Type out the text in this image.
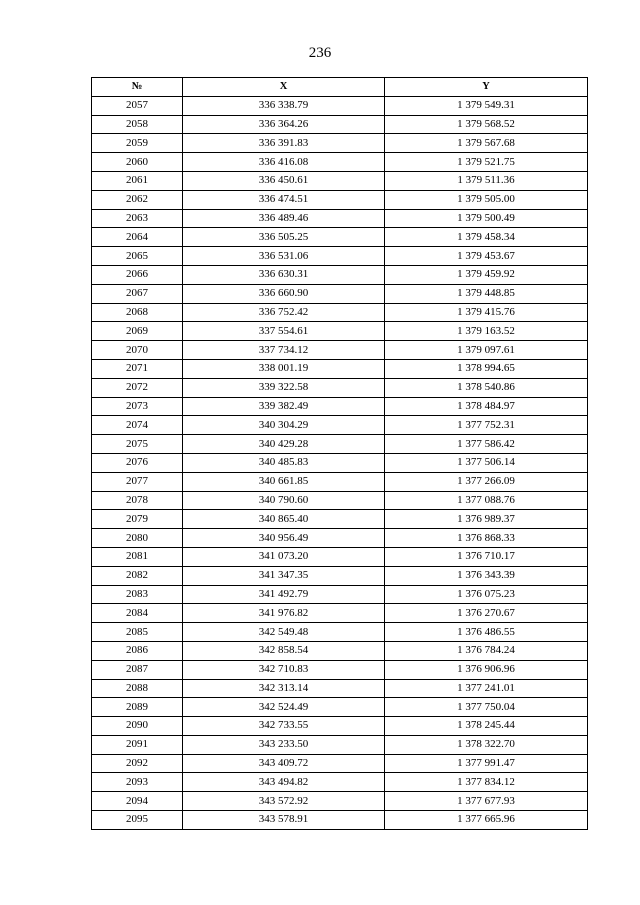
236
№	X	Y
2057	336 338.79	1 379 549.31
2058	336 364.26	1 379 568.52
2059	336 391.83	1 379 567.68
2060	336 416.08	1 379 521.75
2061	336 450.61	1 379 511.36
2062	336 474.51	1 379 505.00
2063	336 489.46	1 379 500.49
2064	336 505.25	1 379 458.34
2065	336 531.06	1 379 453.67
2066	336 630.31	1 379 459.92
2067	336 660.90	1 379 448.85
2068	336 752.42	1 379 415.76
2069	337 554.61	1 379 163.52
2070	337 734.12	1 379 097.61
2071	338 001.19	1 378 994.65
2072	339 322.58	1 378 540.86
2073	339 382.49	1 378 484.97
2074	340 304.29	1 377 752.31
2075	340 429.28	1 377 586.42
2076	340 485.83	1 377 506.14
2077	340 661.85	1 377 266.09
2078	340 790.60	1 377 088.76
2079	340 865.40	1 376 989.37
2080	340 956.49	1 376 868.33
2081	341 073.20	1 376 710.17
2082	341 347.35	1 376 343.39
2083	341 492.79	1 376 075.23
2084	341 976.82	1 376 270.67
2085	342 549.48	1 376 486.55
2086	342 858.54	1 376 784.24
2087	342 710.83	1 376 906.96
2088	342 313.14	1 377 241.01
2089	342 524.49	1 377 750.04
2090	342 733.55	1 378 245.44
2091	343 233.50	1 378 322.70
2092	343 409.72	1 377 991.47
2093	343 494.82	1 377 834.12
2094	343 572.92	1 377 677.93
2095	343 578.91	1 377 665.96
